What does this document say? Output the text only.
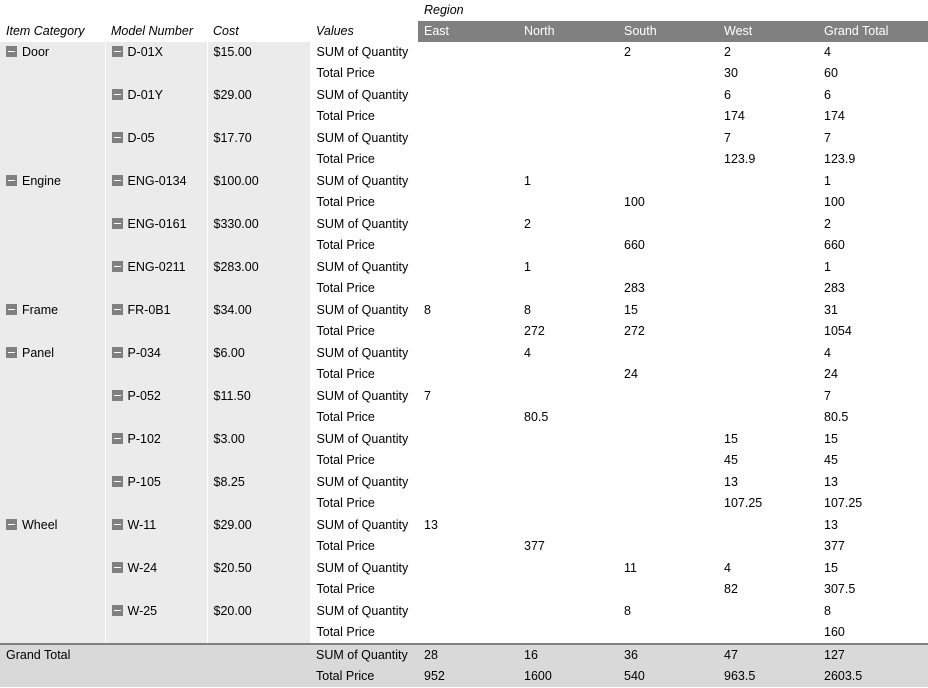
				Region				
Item Category	Model Number	Cost	Values	East	North	South	West	Grand Total

Door	D-01X	$15.00	SUM of Quantity			2	2	4
			Total Price				30	60

	D-01Y	$29.00	SUM of Quantity				6	6
			Total Price				174	174

	D-05	$17.70	SUM of Quantity				7	7
			Total Price				123.9	123.9

Engine	ENG-0134	$100.00	SUM of Quantity		1			1
			Total Price			100		100

	ENG-0161	$330.00	SUM of Quantity		2			2
			Total Price			660		660

	ENG-0211	$283.00	SUM of Quantity		1			1
			Total Price			283		283

Frame	FR-0B1	$34.00	SUM of Quantity	8	8	15		31
			Total Price		272	272		1054

Panel	P-034	$6.00	SUM of Quantity		4			4
			Total Price			24		24

	P-052	$11.50	SUM of Quantity	7				7
			Total Price		80.5			80.5

	P-102	$3.00	SUM of Quantity				15	15
			Total Price				45	45

	P-105	$8.25	SUM of Quantity				13	13
			Total Price				107.25	107.25

Wheel	W-11	$29.00	SUM of Quantity	13				13
			Total Price		377			377

	W-24	$20.50	SUM of Quantity			11	4	15
			Total Price				82	307.5

	W-25	$20.00	SUM of Quantity			8		8
			Total Price					160
Grand Total			SUM of Quantity	28	16	36	47	127
			Total Price	952	1600	540	963.5	2603.5
